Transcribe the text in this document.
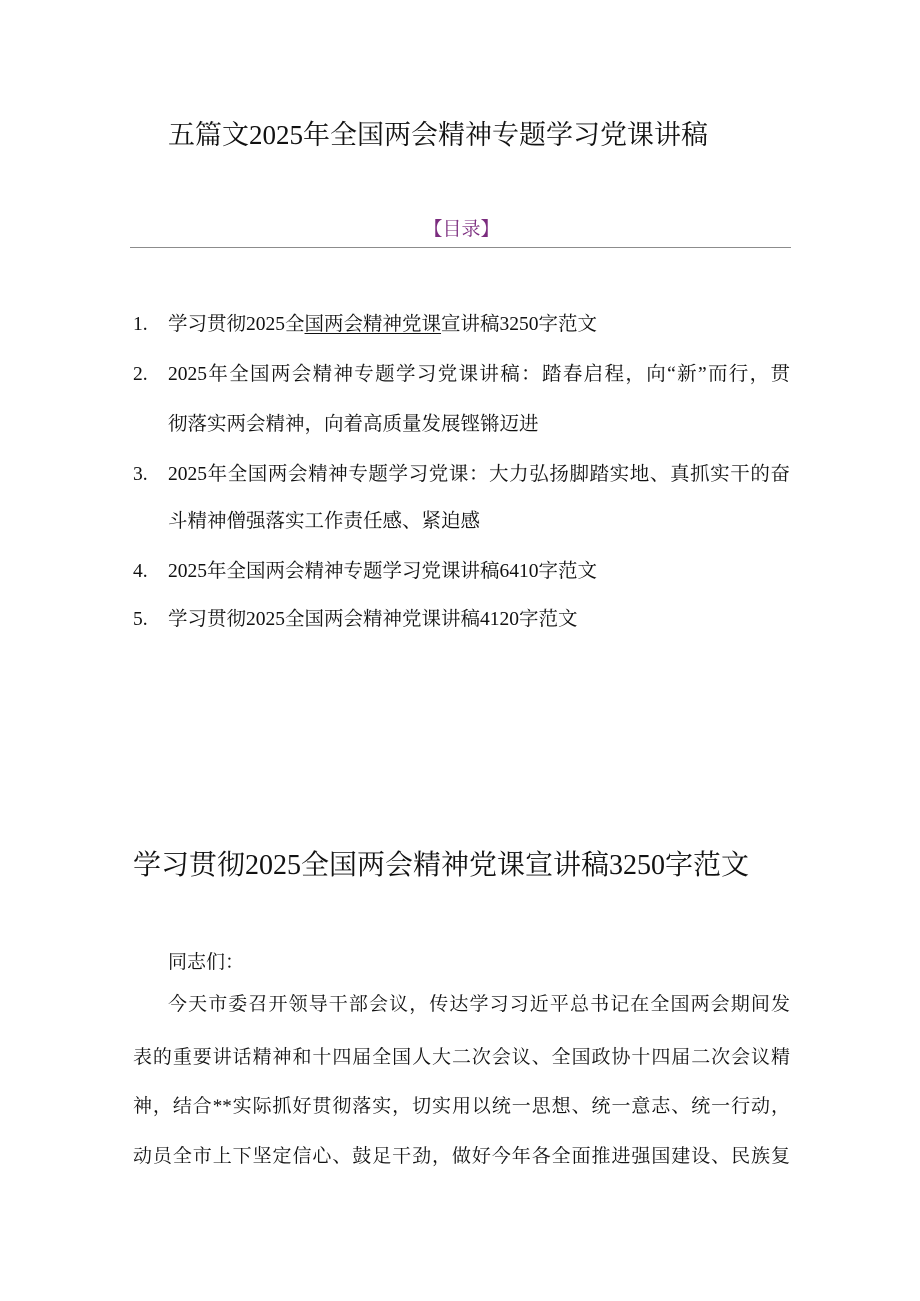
五篇文2025年全国两会精神专题学习党课讲稿
【目录】
1.	学习贯彻2025全国两会精神党课宣讲稿3250字范文
2.	2025年全国两会精神专题学习党课讲稿：踏春启程，向“新”而行，贯
彻落实两会精神，向着高质量发展铿锵迈进
3.	2025年全国两会精神专题学习党课：大力弘扬脚踏实地、真抓实干的奋
斗精神僧强落实工作责任感、紧迫感
4.	2025年全国两会精神专题学习党课讲稿6410字范文
5.	学习贯彻2025全国两会精神党课讲稿4120字范文
学习贯彻2025全国两会精神党课宣讲稿3250字范文
同志们：
今天市委召开领导干部会议，传达学习习近平总书记在全国两会期间发
表的重要讲话精神和十四届全国人大二次会议、全国政协十四届二次会议精
神，结合**实际抓好贯彻落实，切实用以统一思想、统一意志、统一行动，
动员全市上下坚定信心、鼓足干劲，做好今年各全面推进强国建设、民族复
